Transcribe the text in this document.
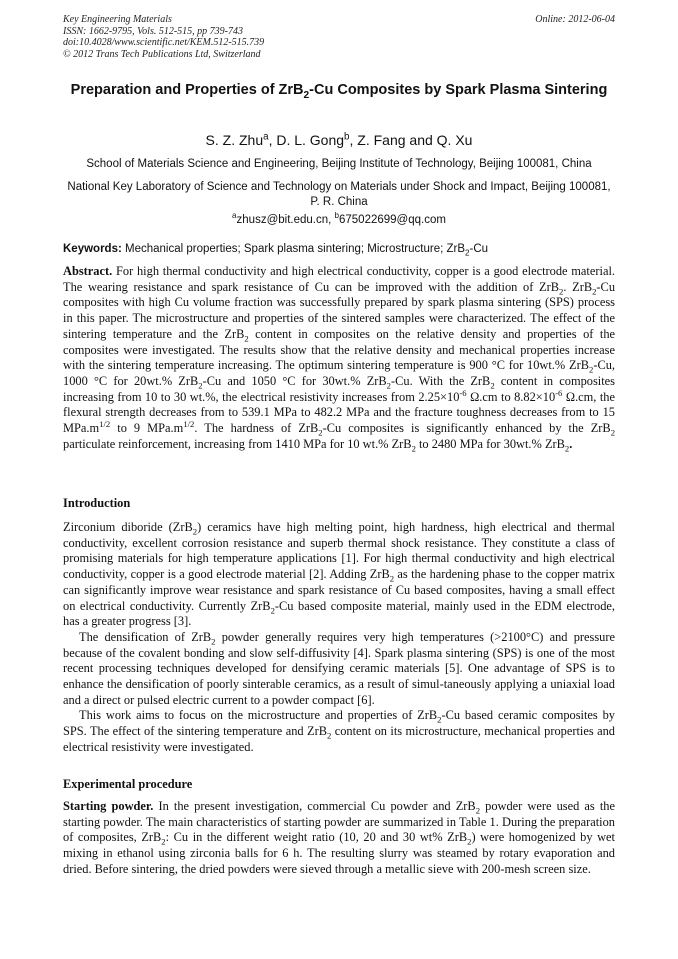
Key Engineering Materials
ISSN: 1662-9795, Vols. 512-515, pp 739-743
doi:10.4028/www.scientific.net/KEM.512-515.739
© 2012 Trans Tech Publications Ltd, Switzerland
Online: 2012-06-04
Preparation and Properties of ZrB$_2$-Cu Composites by Spark Plasma Sintering
S. Z. Zhu$^a$, D. L. Gong$^b$, Z. Fang and Q. Xu
School of Materials Science and Engineering, Beijing Institute of Technology, Beijing 100081, China
National Key Laboratory of Science and Technology on Materials under Shock and Impact, Beijing 100081, P. R. China
$^a$zhusz@bit.edu.cn, $^b$675022699@qq.com
Keywords: Mechanical properties; Spark plasma sintering; Microstructure; ZrB$_2$-Cu
Abstract. For high thermal conductivity and high electrical conductivity, copper is a good electrode material. The wearing resistance and spark resistance of Cu can be improved with the addition of ZrB$_2$. ZrB$_2$-Cu composites with high Cu volume fraction was successfully prepared by spark plasma sintering (SPS) process in this paper. The microstructure and properties of the sintered samples were characterized. The effect of the sintering temperature and the ZrB$_2$ content in composites on the relative density and properties of the composites were investigated. The results show that the relative density and mechanical properties increase with the sintering temperature increasing. The optimum sintering temperature is 900 °C for 10wt.% ZrB$_2$-Cu, 1000 °C for 20wt.% ZrB$_2$-Cu and 1050 °C for 30wt.% ZrB$_2$-Cu. With the ZrB$_2$ content in composites increasing from 10 to 30 wt.%, the electrical resistivity increases from $2.25\times 10^{-6}$ Ω.cm to $8.82\times 10^{-6}$ Ω.cm, the flexural strength decreases from to 539.1 MPa to 482.2 MPa and the fracture toughness decreases from to 15 $MPa.m^{1/2}$ to 9 $MPa.m^{1/2}$. The hardness of ZrB$_2$-Cu composites is significantly enhanced by the ZrB$_2$ particulate reinforcement, increasing from 1410 MPa for 10 wt.% ZrB$_2$ to 2480 MPa for 30wt.% ZrB$_2$.
Introduction

Zirconium diboride (ZrB$_2$) ceramics have high melting point, high hardness, high electrical and thermal conductivity, excellent corrosion resistance and superb thermal shock resistance. They constitute a class of promising materials for high temperature applications [1]. For high thermal conductivity and high electrical conductivity, copper is a good electrode material [2]. Adding ZrB$_2$ as the hardening phase to the copper matrix can significantly improve wear resistance and spark resistance of Cu based composites, having a small effect on electrical conductivity. Currently ZrB$_2$-Cu based composite material, mainly used in the EDM electrode, has a greater progress [3].

The densification of ZrB$_2$ powder generally requires very high temperatures (>2100°C) and pressure because of the covalent bonding and slow self-diffusivity [4]. Spark plasma sintering (SPS) is one of the most recent processing techniques developed for densifying ceramic materials [5]. One advantage of SPS is to enhance the densification of poorly sinterable ceramics, as a result of simul-taneously applying a uniaxial load and a direct or pulsed electric current to a powder compact [6].

This work aims to focus on the microstructure and properties of ZrB$_2$-Cu based ceramic composites by SPS. The effect of the sintering temperature and ZrB$_2$ content on its microstructure, mechanical properties and electrical resistivity were investigated.

Experimental procedure

Starting powder. In the present investigation, commercial Cu powder and ZrB$_2$ powder were used as the starting powder. The main characteristics of starting powder are summarized in Table 1. During the preparation of composites, ZrB$_2$: Cu in the different weight ratio (10, 20 and 30 wt% ZrB$_2$) were homogenized by wet mixing in ethanol using zirconia balls for 6 h. The resulting slurry was steamed by rotary evaporation and dried. Before sintering, the dried powders were sieved through a metallic sieve with 200-mesh screen size.
